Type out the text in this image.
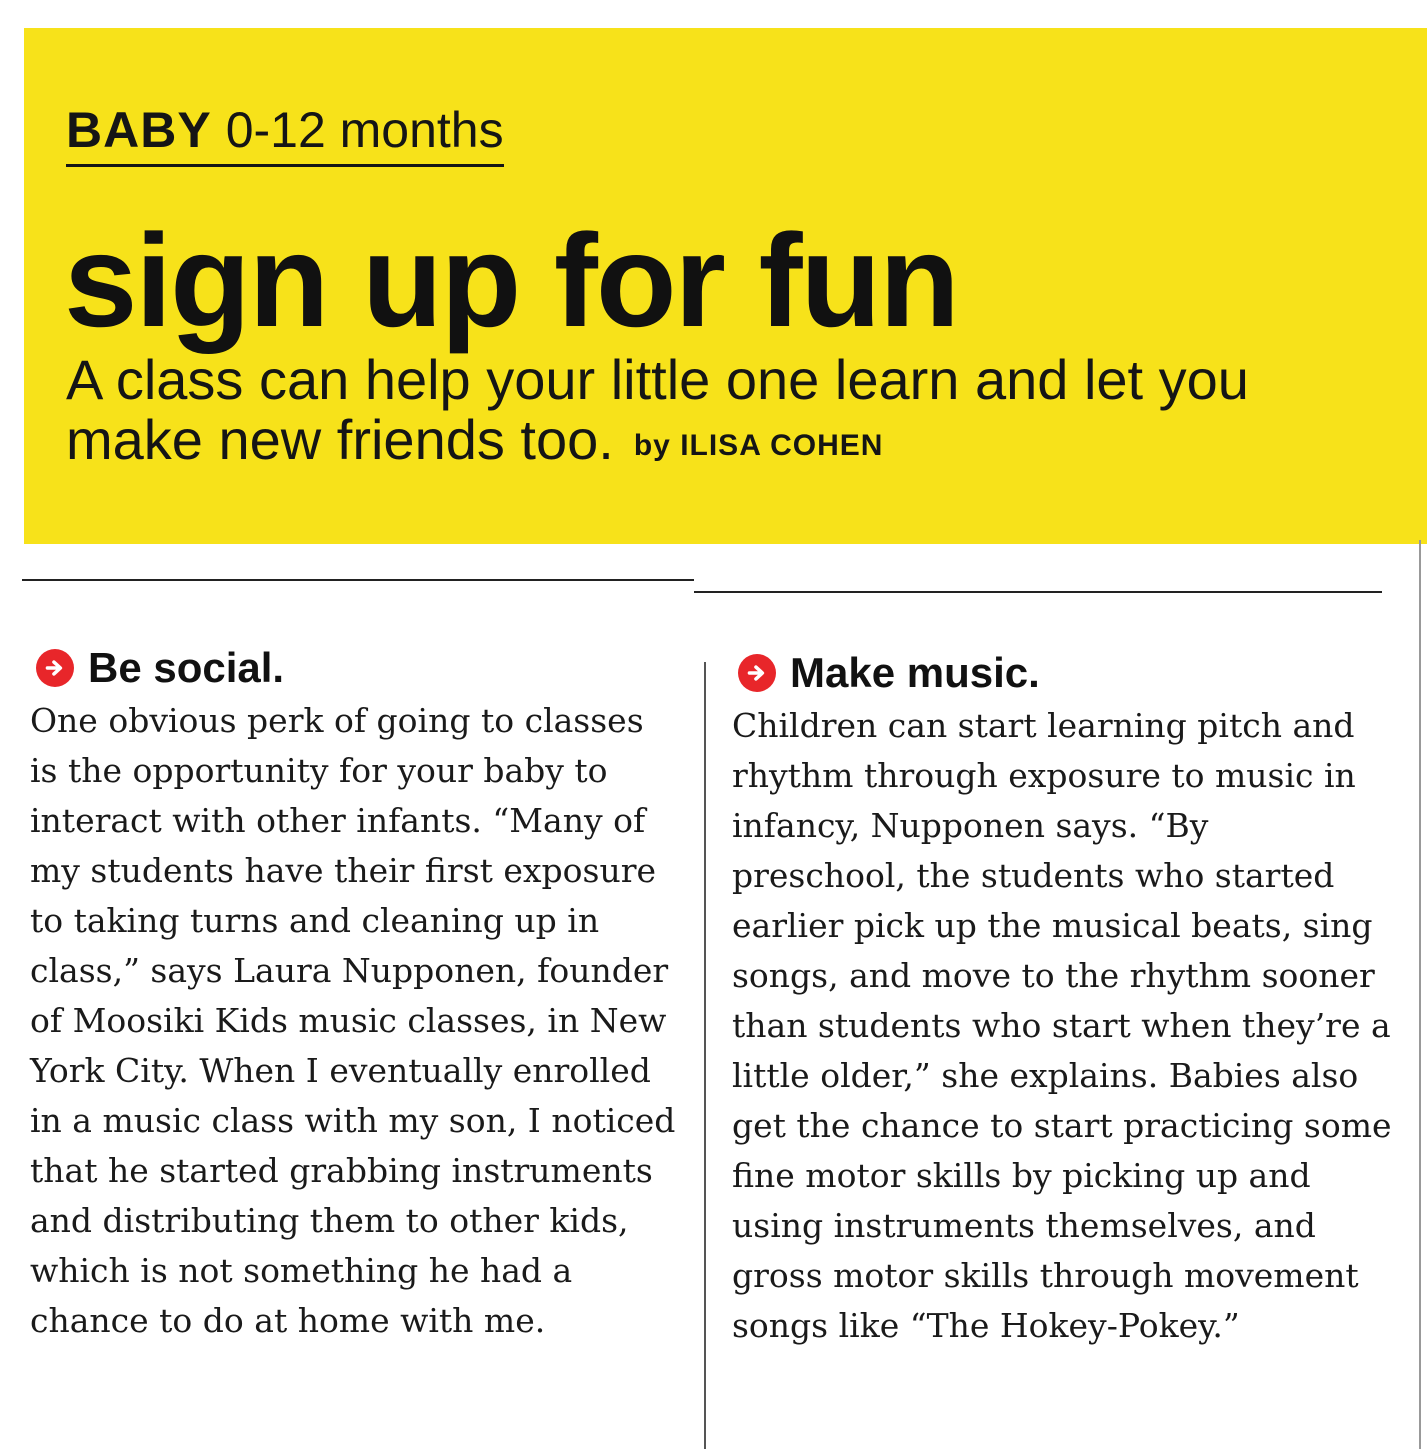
BABY 0-12 months
sign up for fun
A class can help your little one learn and let you make new friends too. by ILISA COHEN
Be social.

One obvious perk of going to classes is the opportunity for your baby to interact with other infants. “Many of my students have their first exposure to taking turns and cleaning up in class,” says Laura Nupponen, founder of Moosiki Kids music classes, in New York City. When I eventually enrolled in a music class with my son, I noticed that he started grabbing instruments and distributing them to other kids, which is not something he had a chance to do at home with me.

Make music.

Children can start learning pitch and rhythm through exposure to music in infancy, Nupponen says. “By preschool, the students who started earlier pick up the musical beats, sing songs, and move to the rhythm sooner than students who start when they’re a little older,” she explains. Babies also get the chance to start practicing some fine motor skills by picking up and using instruments themselves, and gross motor skills through movement songs like “The Hokey-Pokey.”
